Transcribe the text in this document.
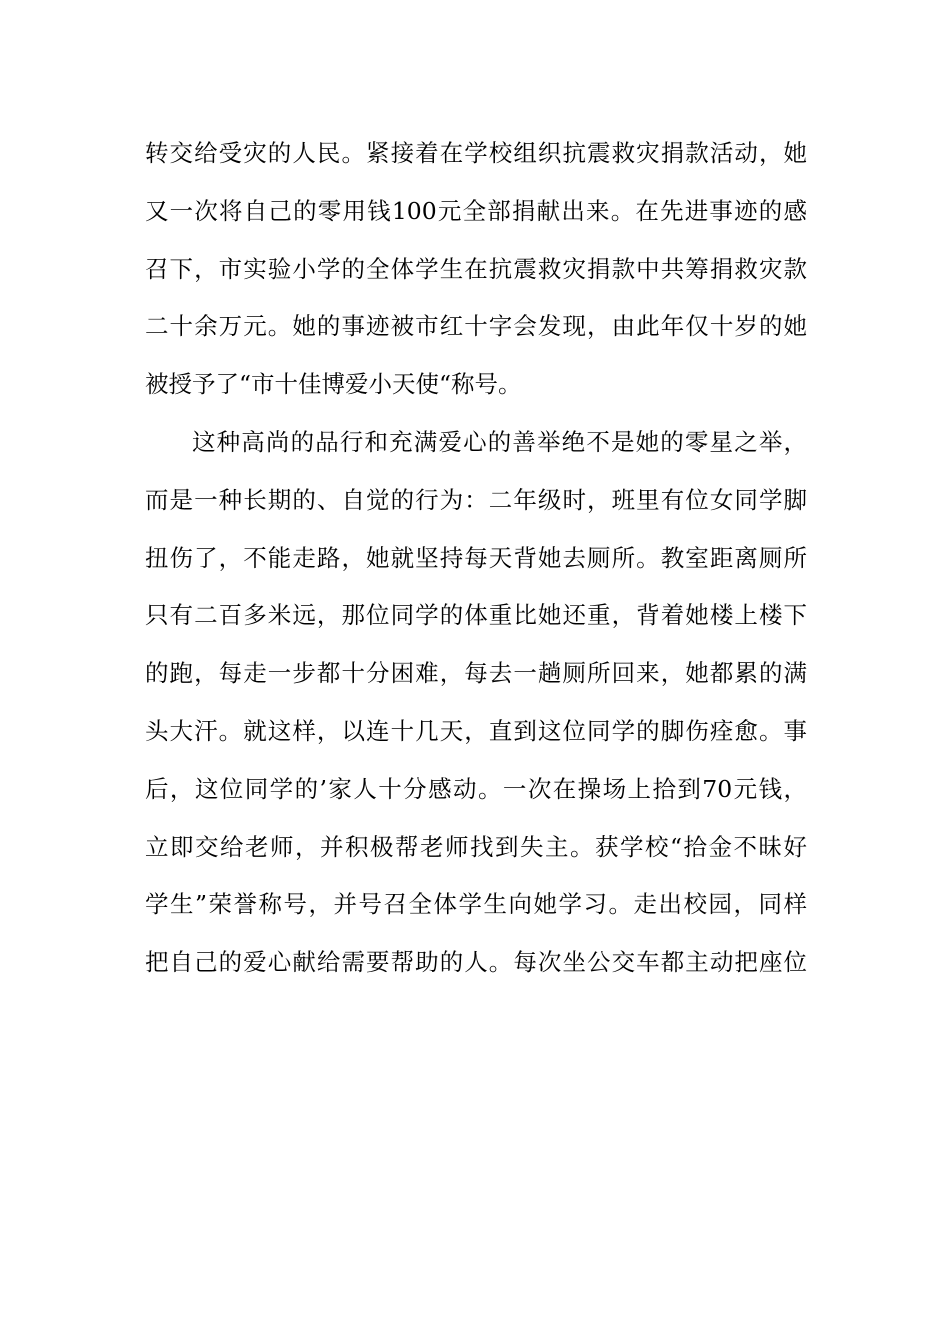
转交给受灾的人民。紧接着在学校组织抗震救灾捐款活动，她
又一次将自己的零用钱100元全部捐献出来。在先进事迹的感
召下，市实验小学的全体学生在抗震救灾捐款中共筹捐救灾款
二十余万元。她的事迹被市红十字会发现，由此年仅十岁的她
被授予了“市十佳博爱小天使“称号。
这种高尚的品行和充满爱心的善举绝不是她的零星之举，
而是一种长期的、自觉的行为：二年级时，班里有位女同学脚
扭伤了，不能走路，她就坚持每天背她去厕所。教室距离厕所
只有二百多米远，那位同学的体重比她还重，背着她楼上楼下
的跑，每走一步都十分困难，每去一趟厕所回来，她都累的满
头大汗。就这样，以连十几天，直到这位同学的脚伤痊愈。事
后，这位同学的’家人十分感动。一次在操场上拾到70元钱，
立即交给老师，并积极帮老师找到失主。获学校“拾金不昧好
学生”荣誉称号，并号召全体学生向她学习。走出校园，同样
把自己的爱心献给需要帮助的人。每次坐公交车都主动把座位
